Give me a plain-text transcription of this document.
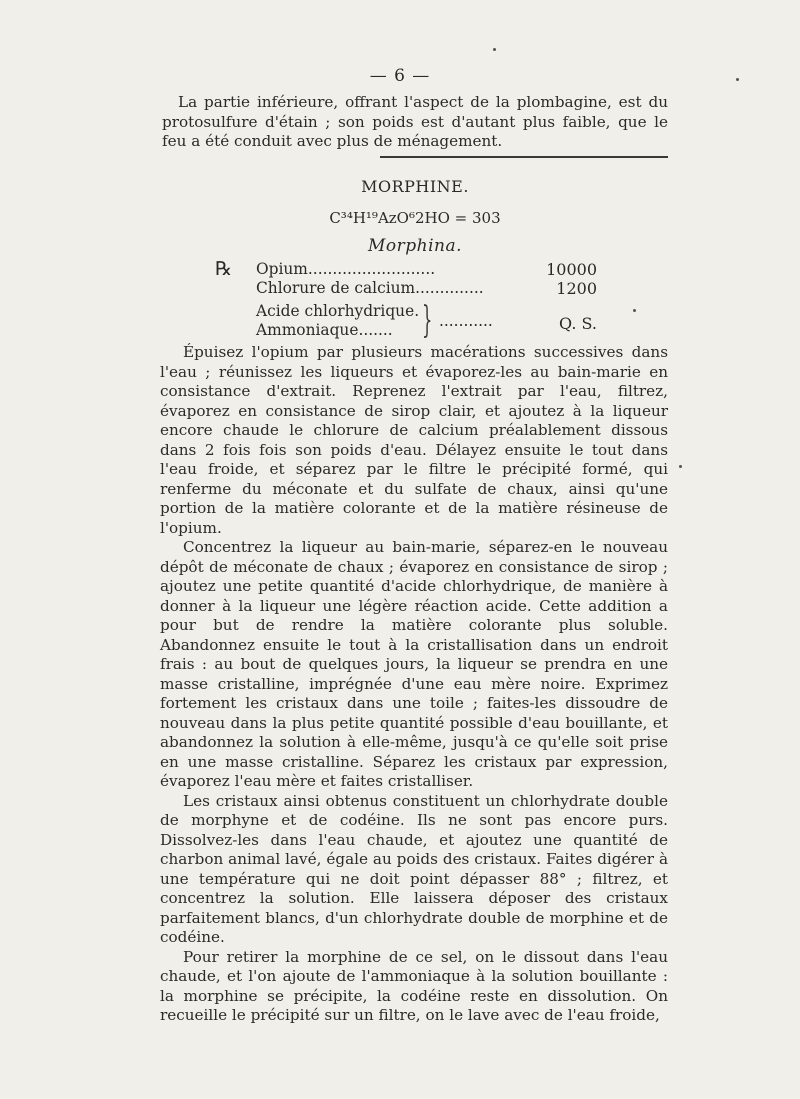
— 6 —

La partie inférieure, offrant l'aspect de la plombagine, est du protosulfure d'étain ; son poids est d'autant plus faible, que le feu a été conduit avec plus de ménagement.

MORPHINE.
C³⁴H¹⁹AzO⁶2HO = 303
Morphina.
℞ Opium..........................	10000
Chlorure de calcium..............	1200
Acide chlorhydrique.
Ammoniaque....... } ...........	Q. S.

Épuisez l'opium par plusieurs macérations successives dans l'eau ; réunissez les liqueurs et évaporez-les au bain-marie en consistance d'extrait. Reprenez l'extrait par l'eau, filtrez, évaporez en consistance de sirop clair, et ajoutez à la liqueur encore chaude le chlorure de calcium préalablement dissous dans 2 fois fois son poids d'eau. Délayez ensuite le tout dans l'eau froide, et séparez par le filtre le précipité formé, qui renferme du méconate et du sulfate de chaux, ainsi qu'une portion de la matière colorante et de la matière résineuse de l'opium.

Concentrez la liqueur au bain-marie, séparez-en le nouveau dépôt de méconate de chaux ; évaporez en consistance de sirop ; ajoutez une petite quantité d'acide chlorhydrique, de manière à donner à la liqueur une légère réaction acide. Cette addition a pour but de rendre la matière colorante plus soluble. Abandonnez ensuite le tout à la cristallisation dans un endroit frais : au bout de quelques jours, la liqueur se prendra en une masse cristalline, imprégnée d'une eau mère noire. Exprimez fortement les cristaux dans une toile ; faites-les dissoudre de nouveau dans la plus petite quantité possible d'eau bouillante, et abandonnez la solution à elle-même, jusqu'à ce qu'elle soit prise en une masse cristalline. Séparez les cristaux par expression, évaporez l'eau mère et faites cristalliser.

Les cristaux ainsi obtenus constituent un chlorhydrate double de morphyne et de codéine. Ils ne sont pas encore purs. Dissolvez-les dans l'eau chaude, et ajoutez une quantité de charbon animal lavé, égale au poids des cristaux. Faites digérer à une température qui ne doit point dépasser 88° ; filtrez, et concentrez la solution. Elle laissera déposer des cristaux parfaitement blancs, d'un chlorhydrate double de morphine et de codéine.

Pour retirer la morphine de ce sel, on le dissout dans l'eau chaude, et l'on ajoute de l'ammoniaque à la solution bouillante : la morphine se précipite, la codéine reste en dissolution. On recueille le précipité sur un filtre, on le lave avec de l'eau froide,
